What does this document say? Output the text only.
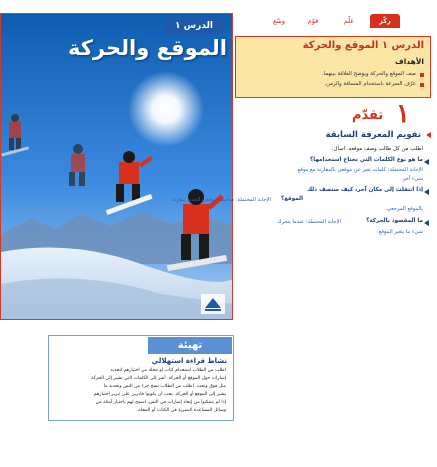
ركّز
علّم
قوّم
وسّع
الدرس ١
الموقع والحركة	الدرس ١ الموقع والحركة
الأهداف
صف الموقع والحركة ويوضح العلاقة بينهما.
عرّف السرعة باستخدام المسافة والزمن.
١
تقدّم
تقويم المعرفة السابقة
اطلب من كل طالب وصف موقعه. اسأل:
ما هو نوع الكلمات التي تحتاج استخدامها؟
الإجابة المحتملة: كلمات تعبر عن موقعي بالمقارنة مع موقع
شيء آخر.
إذا انتقلت إلى مكان آخر، كيف ستصف ذلك
الموقع؟
الإجابة المحتملة: سأصف موقعي الجديد مقارنة
بالموقع المرجعي.
ما المقصود بالحركة؟
الإجابة المحتملة: عندما يتحرك
شيء ما يتغير الموقع.
تهيئة
نشاط قراءة استهلالي
اطلب من الطلاب استخدام كتاب أو مجلة من اختيارهم لتحديد
إشارات حول الموقع أو الحركة. أشر إلى الكلمات التي تشير إلى الحركة
مثل فوق وتحت. اطلب من الطلاب نسخ جزء من النص وتحديد ما
يشير إلى الموقع أو الحركة. يجب أن يكونوا قادرين على تبرير اختيارهم.
إذا لم يتمكنوا من إيجاد إشارات في النص، اسمح لهم باختيار أمثلة من
وسائل المساعدة البصرية في الكتاب أو المجلة.
